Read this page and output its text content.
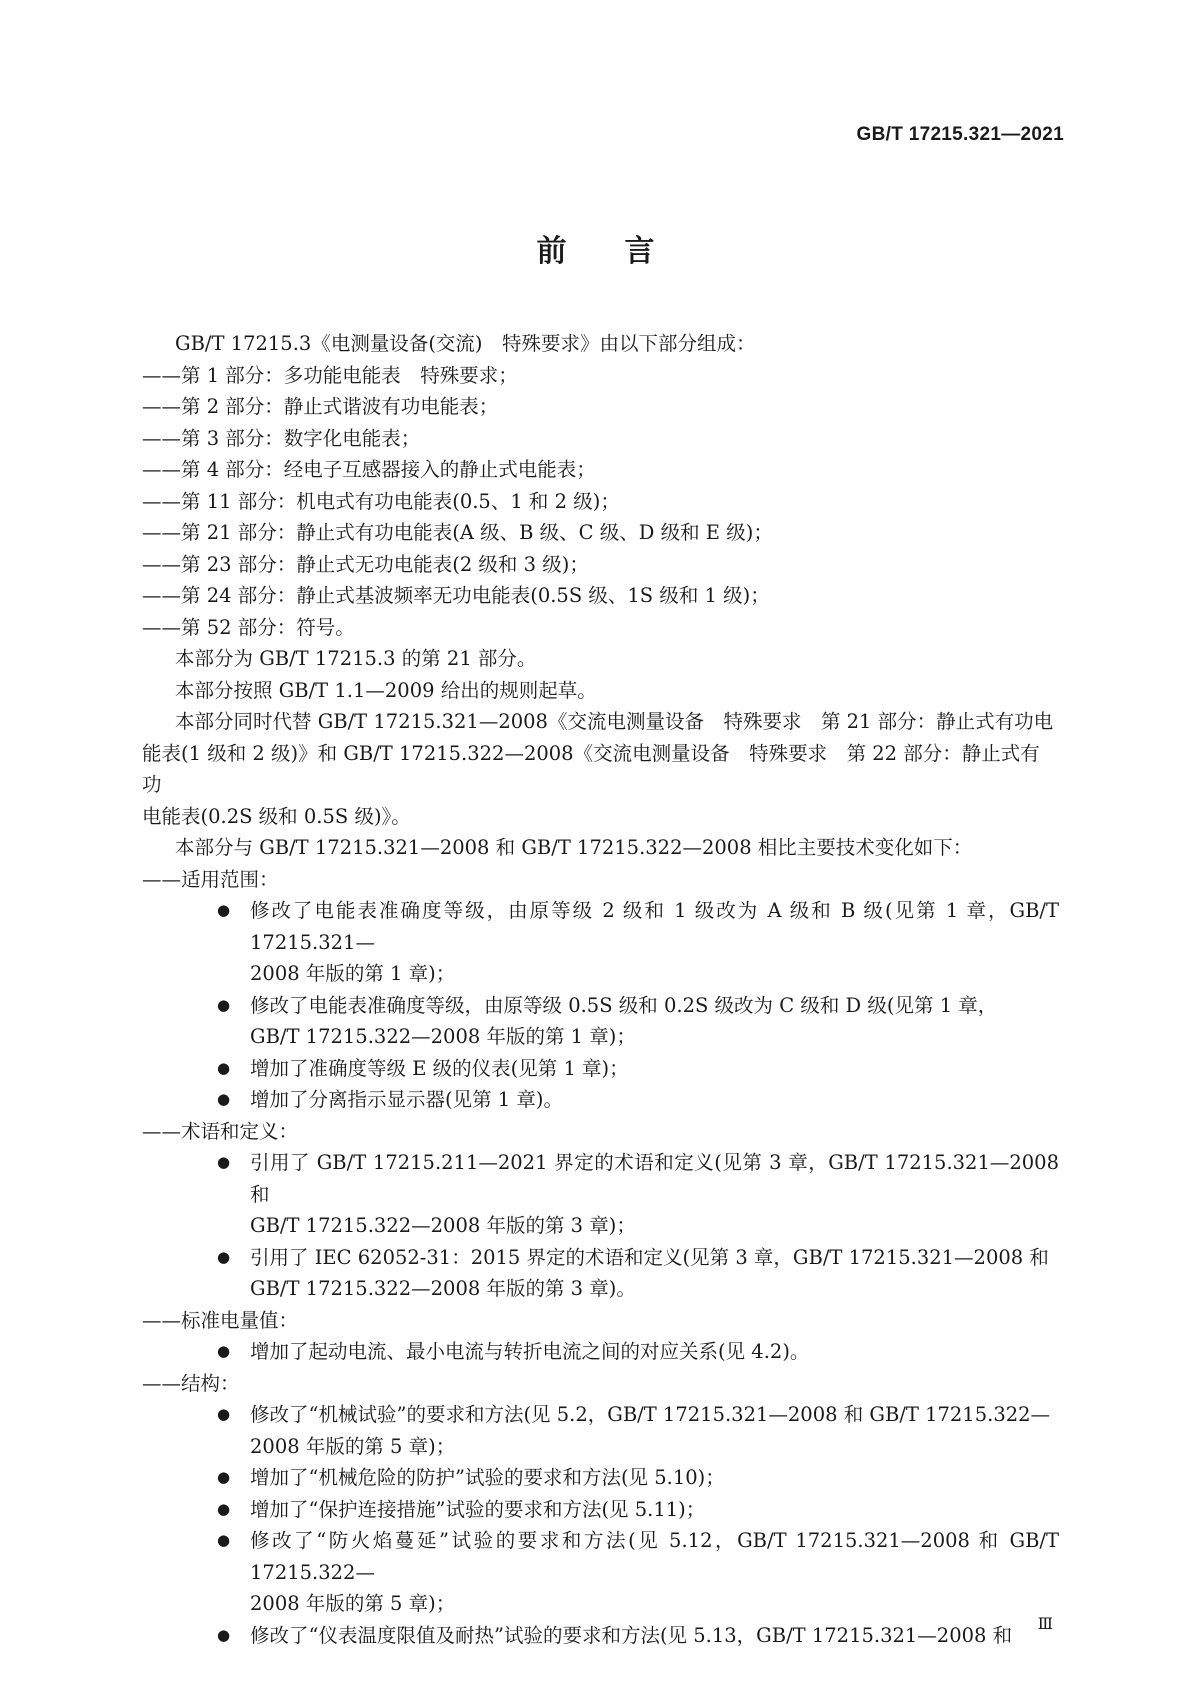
GB/T 17215.321—2021
前 言

GB/T 17215.3《电测量设备(交流)　特殊要求》由以下部分组成：

——第 1 部分：多功能电能表　特殊要求；

——第 2 部分：静止式谐波有功电能表；

——第 3 部分：数字化电能表；

——第 4 部分：经电子互感器接入的静止式电能表；

——第 11 部分：机电式有功电能表(0.5、1 和 2 级)；

——第 21 部分：静止式有功电能表(A 级、B 级、C 级、D 级和 E 级)；

——第 23 部分：静止式无功电能表(2 级和 3 级)；

——第 24 部分：静止式基波频率无功电能表(0.5S 级、1S 级和 1 级)；

——第 52 部分：符号。

本部分为 GB/T 17215.3 的第 21 部分。

本部分按照 GB/T 1.1—2009 给出的规则起草。

本部分同时代替 GB/T 17215.321—2008《交流电测量设备　特殊要求　第 21 部分：静止式有功电

能表(1 级和 2 级)》和 GB/T 17215.322—2008《交流电测量设备　特殊要求　第 22 部分：静止式有功

电能表(0.2S 级和 0.5S 级)》。

本部分与 GB/T 17215.321—2008 和 GB/T 17215.322—2008 相比主要技术变化如下：

——适用范围：

● 修改了电能表准确度等级，由原等级 2 级和 1 级改为 A 级和 B 级(见第 1 章，GB/T 17215.321—
2008 年版的第 1 章)；
● 修改了电能表准确度等级，由原等级 0.5S 级和 0.2S 级改为 C 级和 D 级(见第 1 章，
GB/T 17215.322—2008 年版的第 1 章)；
● 增加了准确度等级 E 级的仪表(见第 1 章)；
● 增加了分离指示显示器(见第 1 章)。

——术语和定义：

● 引用了 GB/T 17215.211—2021 界定的术语和定义(见第 3 章，GB/T 17215.321—2008 和
GB/T 17215.322—2008 年版的第 3 章)；
● 引用了 IEC 62052-31：2015 界定的术语和定义(见第 3 章，GB/T 17215.321—2008 和
GB/T 17215.322—2008 年版的第 3 章)。

——标准电量值：

● 增加了起动电流、最小电流与转折电流之间的对应关系(见 4.2)。

——结构：

● 修改了“机械试验”的要求和方法(见 5.2，GB/T 17215.321—2008 和 GB/T 17215.322—
2008 年版的第 5 章)；
● 增加了“机械危险的防护”试验的要求和方法(见 5.10)；
● 增加了“保护连接措施”试验的要求和方法(见 5.11)；
● 修改了“防火焰蔓延”试验的要求和方法(见 5.12，GB/T 17215.321—2008 和 GB/T 17215.322—
2008 年版的第 5 章)；
● 修改了“仪表温度限值及耐热”试验的要求和方法(见 5.13，GB/T 17215.321—2008 和	Ⅲ
